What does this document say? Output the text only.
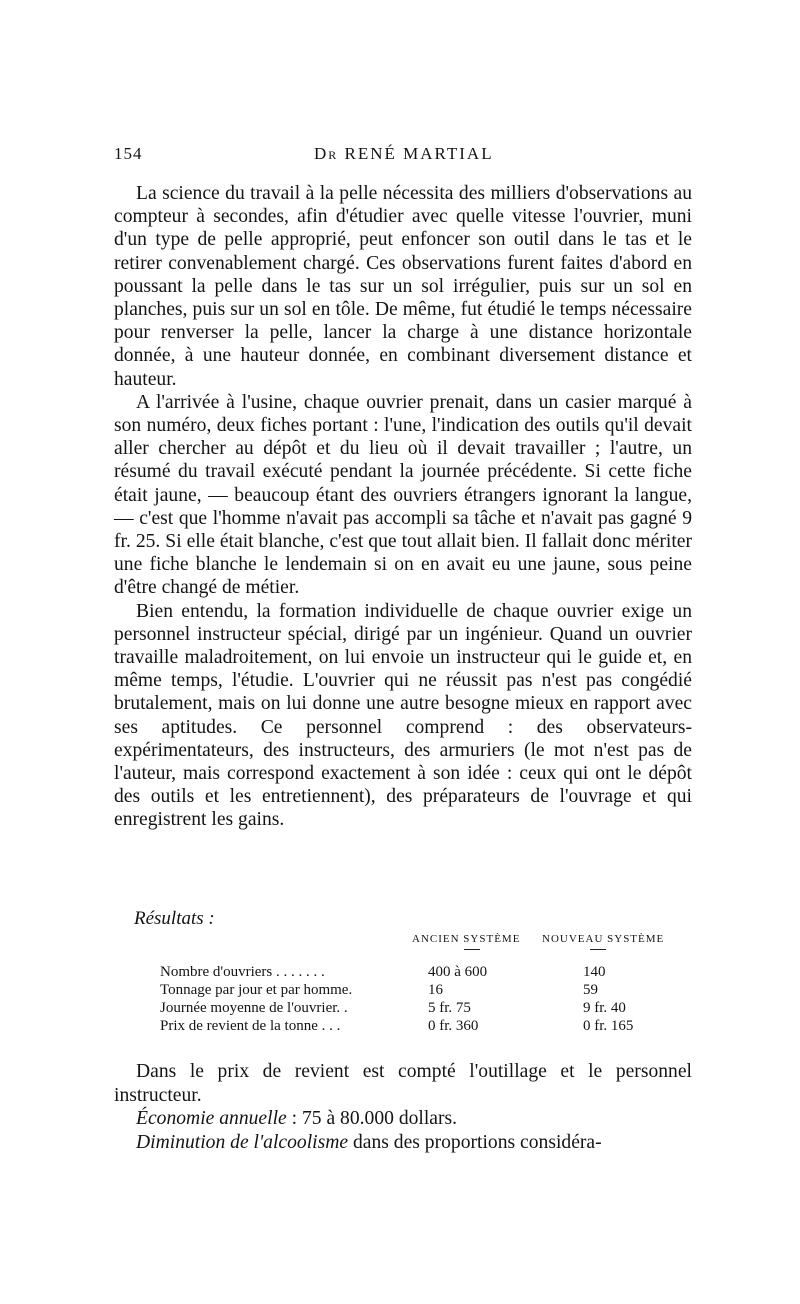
154	Dr RENÉ MARTIAL

La science du travail à la pelle nécessita des milliers d'observations au compteur à secondes, afin d'étudier avec quelle vitesse l'ouvrier, muni d'un type de pelle approprié, peut enfoncer son outil dans le tas et le retirer convenablement chargé. Ces observations furent faites d'abord en poussant la pelle dans le tas sur un sol irrégulier, puis sur un sol en planches, puis sur un sol en tôle. De même, fut étudié le temps nécessaire pour renverser la pelle, lancer la charge à une distance horizontale donnée, à une hauteur donnée, en combinant diversement distance et hauteur.

A l'arrivée à l'usine, chaque ouvrier prenait, dans un casier marqué à son numéro, deux fiches portant : l'une, l'indication des outils qu'il devait aller chercher au dépôt et du lieu où il devait travailler ; l'autre, un résumé du travail exécuté pendant la journée précédente. Si cette fiche était jaune, — beaucoup étant des ouvriers étrangers ignorant la langue, — c'est que l'homme n'avait pas accompli sa tâche et n'avait pas gagné 9 fr. 25. Si elle était blanche, c'est que tout allait bien. Il fallait donc mériter une fiche blanche le lendemain si on en avait eu une jaune, sous peine d'être changé de métier.

Bien entendu, la formation individuelle de chaque ouvrier exige un personnel instructeur spécial, dirigé par un ingénieur. Quand un ouvrier travaille maladroitement, on lui envoie un instructeur qui le guide et, en même temps, l'étudie. L'ouvrier qui ne réussit pas n'est pas congédié brutalement, mais on lui donne une autre besogne mieux en rapport avec ses aptitudes. Ce personnel comprend : des observateurs-expérimentateurs, des instructeurs, des armuriers (le mot n'est pas de l'auteur, mais correspond exactement à son idée : ceux qui ont le dépôt des outils et les entretiennent), des préparateurs de l'ouvrage et qui enregistrent les gains.

Résultats :
ANCIEN SYSTÈME NOUVEAU SYSTÈME
Nombre d'ouvriers . . . . . . .	400 à 600	140
Tonnage par jour et par homme.	16	59
Journée moyenne de l'ouvrier. .	5 fr. 75	9 fr. 40
Prix de revient de la tonne . . .	0 fr. 360	0 fr. 165

Dans le prix de revient est compté l'outillage et le personnel instructeur.

Économie annuelle : 75 à 80.000 dollars.

Diminution de l'alcoolisme dans des proportions considéra-
